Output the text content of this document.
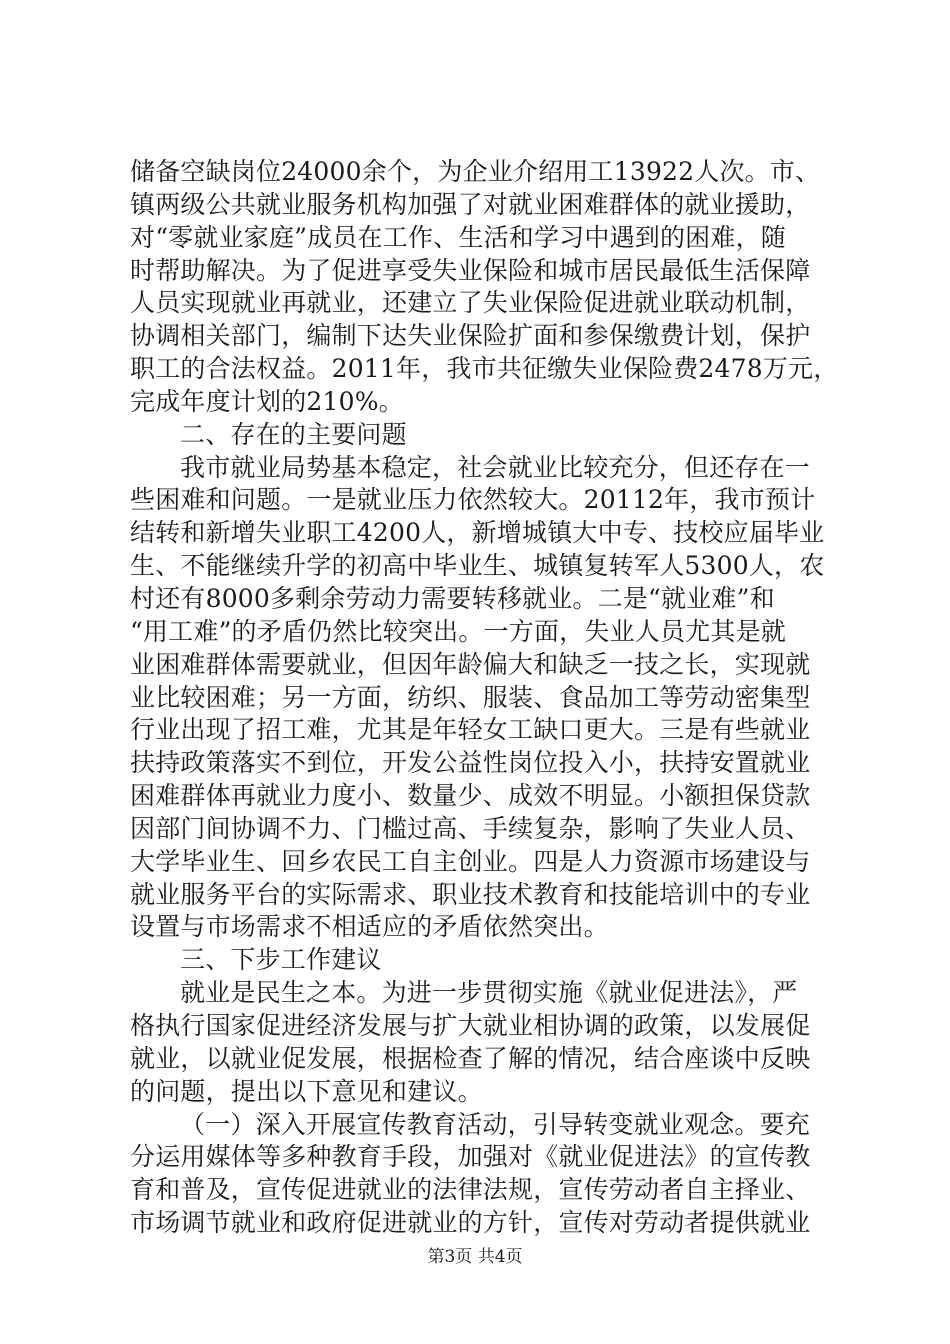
储备空缺岗位24000余个，为企业介绍用工13922人次。市、
镇两级公共就业服务机构加强了对就业困难群体的就业援助，
对“零就业家庭”成员在工作、生活和学习中遇到的困难，随
时帮助解决。为了促进享受失业保险和城市居民最低生活保障
人员实现就业再就业，还建立了失业保险促进就业联动机制，
协调相关部门，编制下达失业保险扩面和参保缴费计划，保护
职工的合法权益。2011年，我市共征缴失业保险费2478万元，
完成年度计划的210%。
二、存在的主要问题
我市就业局势基本稳定，社会就业比较充分，但还存在一
些困难和问题。一是就业压力依然较大。20112年，我市预计
结转和新增失业职工4200人，新增城镇大中专、技校应届毕业
生、不能继续升学的初高中毕业生、城镇复转军人5300人，农
村还有8000多剩余劳动力需要转移就业。二是“就业难”和
“用工难”的矛盾仍然比较突出。一方面，失业人员尤其是就
业困难群体需要就业，但因年龄偏大和缺乏一技之长，实现就
业比较困难；另一方面，纺织、服装、食品加工等劳动密集型
行业出现了招工难，尤其是年轻女工缺口更大。三是有些就业
扶持政策落实不到位，开发公益性岗位投入小，扶持安置就业
困难群体再就业力度小、数量少、成效不明显。小额担保贷款
因部门间协调不力、门槛过高、手续复杂，影响了失业人员、
大学毕业生、回乡农民工自主创业。四是人力资源市场建设与
就业服务平台的实际需求、职业技术教育和技能培训中的专业
设置与市场需求不相适应的矛盾依然突出。
三、下步工作建议
就业是民生之本。为进一步贯彻实施《就业促进法》，严
格执行国家促进经济发展与扩大就业相协调的政策，以发展促
就业，以就业促发展，根据检查了解的情况，结合座谈中反映
的问题，提出以下意见和建议。
（一）深入开展宣传教育活动，引导转变就业观念。要充
分运用媒体等多种教育手段，加强对《就业促进法》的宣传教
育和普及，宣传促进就业的法律法规，宣传劳动者自主择业、
市场调节就业和政府促进就业的方针，宣传对劳动者提供就业
第3页 共4页
